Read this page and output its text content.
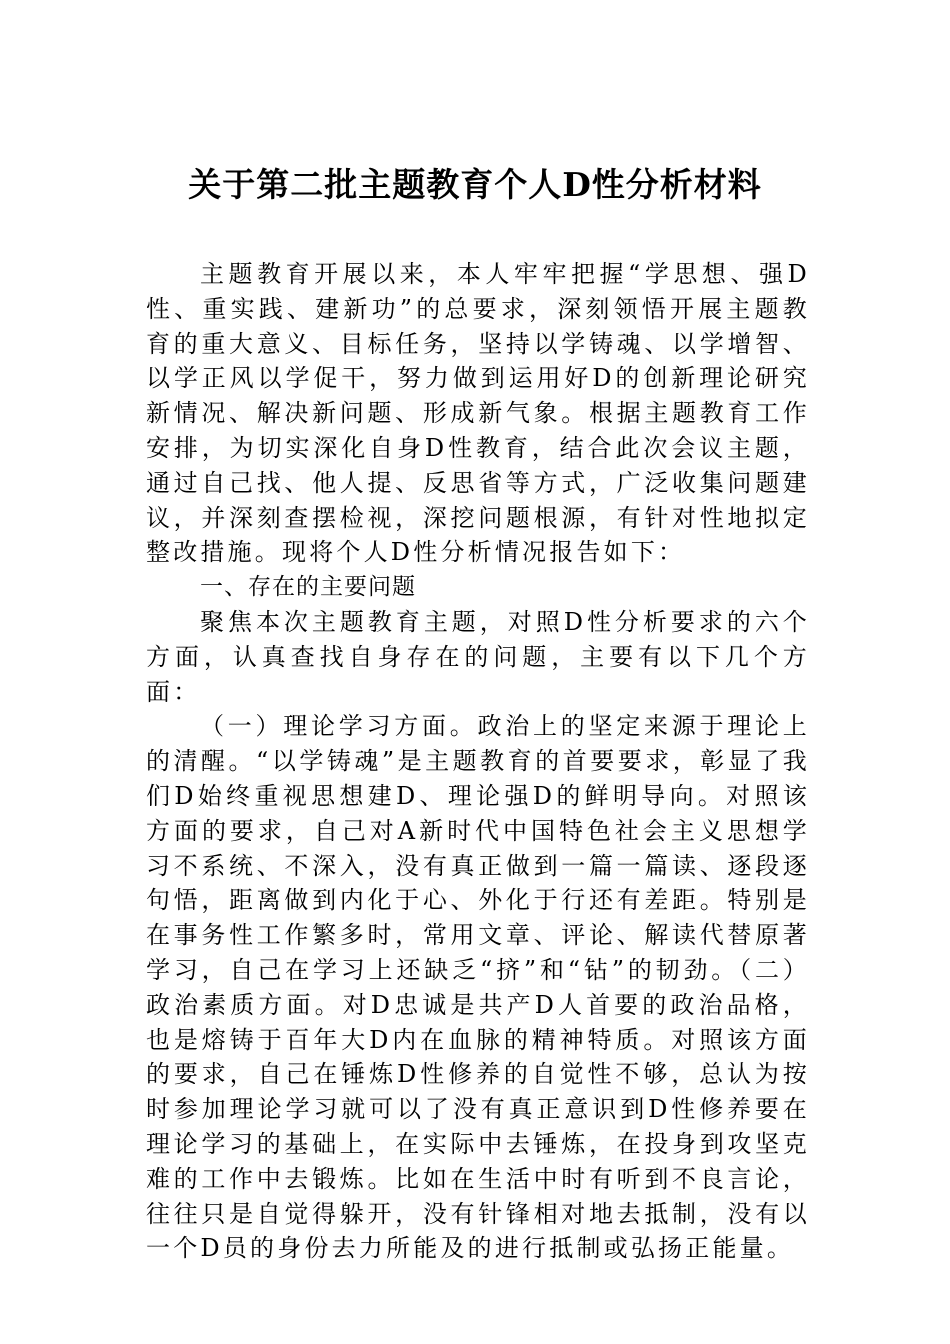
关于第二批主题教育个人D性分析材料

主题教育开展以来，本人牢牢把握“学思想、强D性、重实践、建新功”的总要求，深刻领悟开展主题教育的重大意义、目标任务，坚持以学铸魂、以学增智、以学正风以学促干，努力做到运用好D的创新理论研究新情况、解决新问题、形成新气象。根据主题教育工作安排，为切实深化自身D性教育，结合此次会议主题，通过自己找、他人提、反思省等方式，广泛收集问题建议，并深刻查摆检视，深挖问题根源，有针对性地拟定整改措施。现将个人D性分析情况报告如下：

一、存在的主要问题

聚焦本次主题教育主题，对照D性分析要求的六个方面，认真查找自身存在的问题，主要有以下几个方面：

（一）理论学习方面。政治上的坚定来源于理论上的清醒。“以学铸魂”是主题教育的首要要求，彰显了我们D始终重视思想建D、理论强D的鲜明导向。对照该方面的要求，自己对A新时代中国特色社会主义思想学习不系统、不深入，没有真正做到一篇一篇读、逐段逐句悟，距离做到内化于心、外化于行还有差距。特别是在事务性工作繁多时，常用文章、评论、解读代替原著学习，自己在学习上还缺乏“挤”和“钻”的韧劲。（二）政治素质方面。对D忠诚是共产D人首要的政治品格，也是熔铸于百年大D内在血脉的精神特质。对照该方面的要求，自己在锤炼D性修养的自觉性不够，总认为按时参加理论学习就可以了没有真正意识到D性修养要在理论学习的基础上，在实际中去锤炼，在投身到攻坚克难的工作中去锻炼。比如在生活中时有听到不良言论，往往只是自觉得躲开，没有针锋相对地去抵制，没有以一个D员的身份去力所能及的进行抵制或弘扬正能量。
